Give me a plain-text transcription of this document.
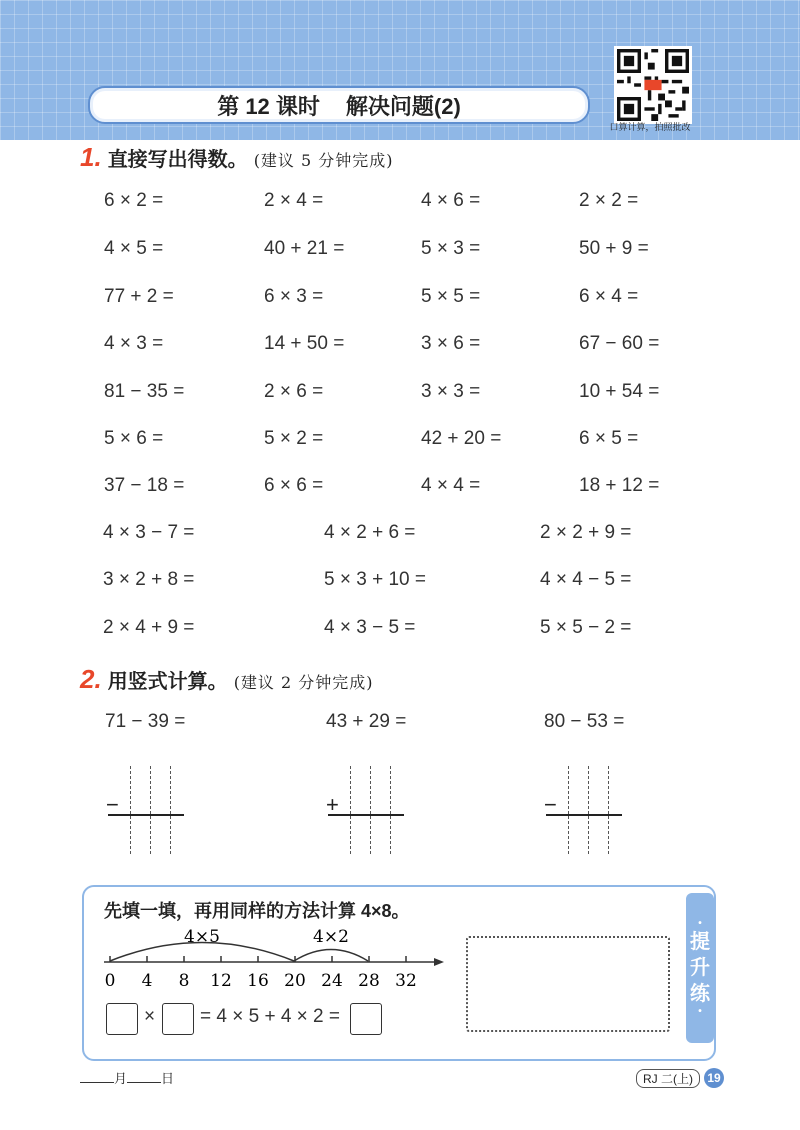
第 12 课时 解决问题(2)
口算计算，拍照批改
1. 直接写出得数。 (建议 5 分钟完成)
6 × 2 =	2 × 4 =	4 × 6 =	2 × 2 =
4 × 5 =	40 + 21 =	5 × 3 =	50 + 9 =
77 + 2 =	6 × 3 =	5 × 5 =	6 × 4 =
4 × 3 =	14 + 50 =	3 × 6 =	67 − 60 =
81 − 35 =	2 × 6 =	3 × 3 =	10 + 54 =
5 × 6 =	5 × 2 =	42 + 20 =	6 × 5 =
37 − 18 =	6 × 6 =	4 × 4 =	18 + 12 =
4 × 3 − 7 =	4 × 2 + 6 =	2 × 2 + 9 =
3 × 2 + 8 =	5 × 3 + 10 =	4 × 4 − 5 =
2 × 4 + 9 =	4 × 3 − 5 =	5 × 5 − 2 =
2. 用竖式计算。 (建议 2 分钟完成)
71 − 39 =
−
43 + 29 =
+
80 − 53 =
−
先填一填，再用同样的方法计算 4×8。
4×5	4×2
0 4 8 12 16 20 24 28 32
× = 4 × 5 + 4 × 2 =
•
提
升
练
•
月	日	RJ 二(上)	19
